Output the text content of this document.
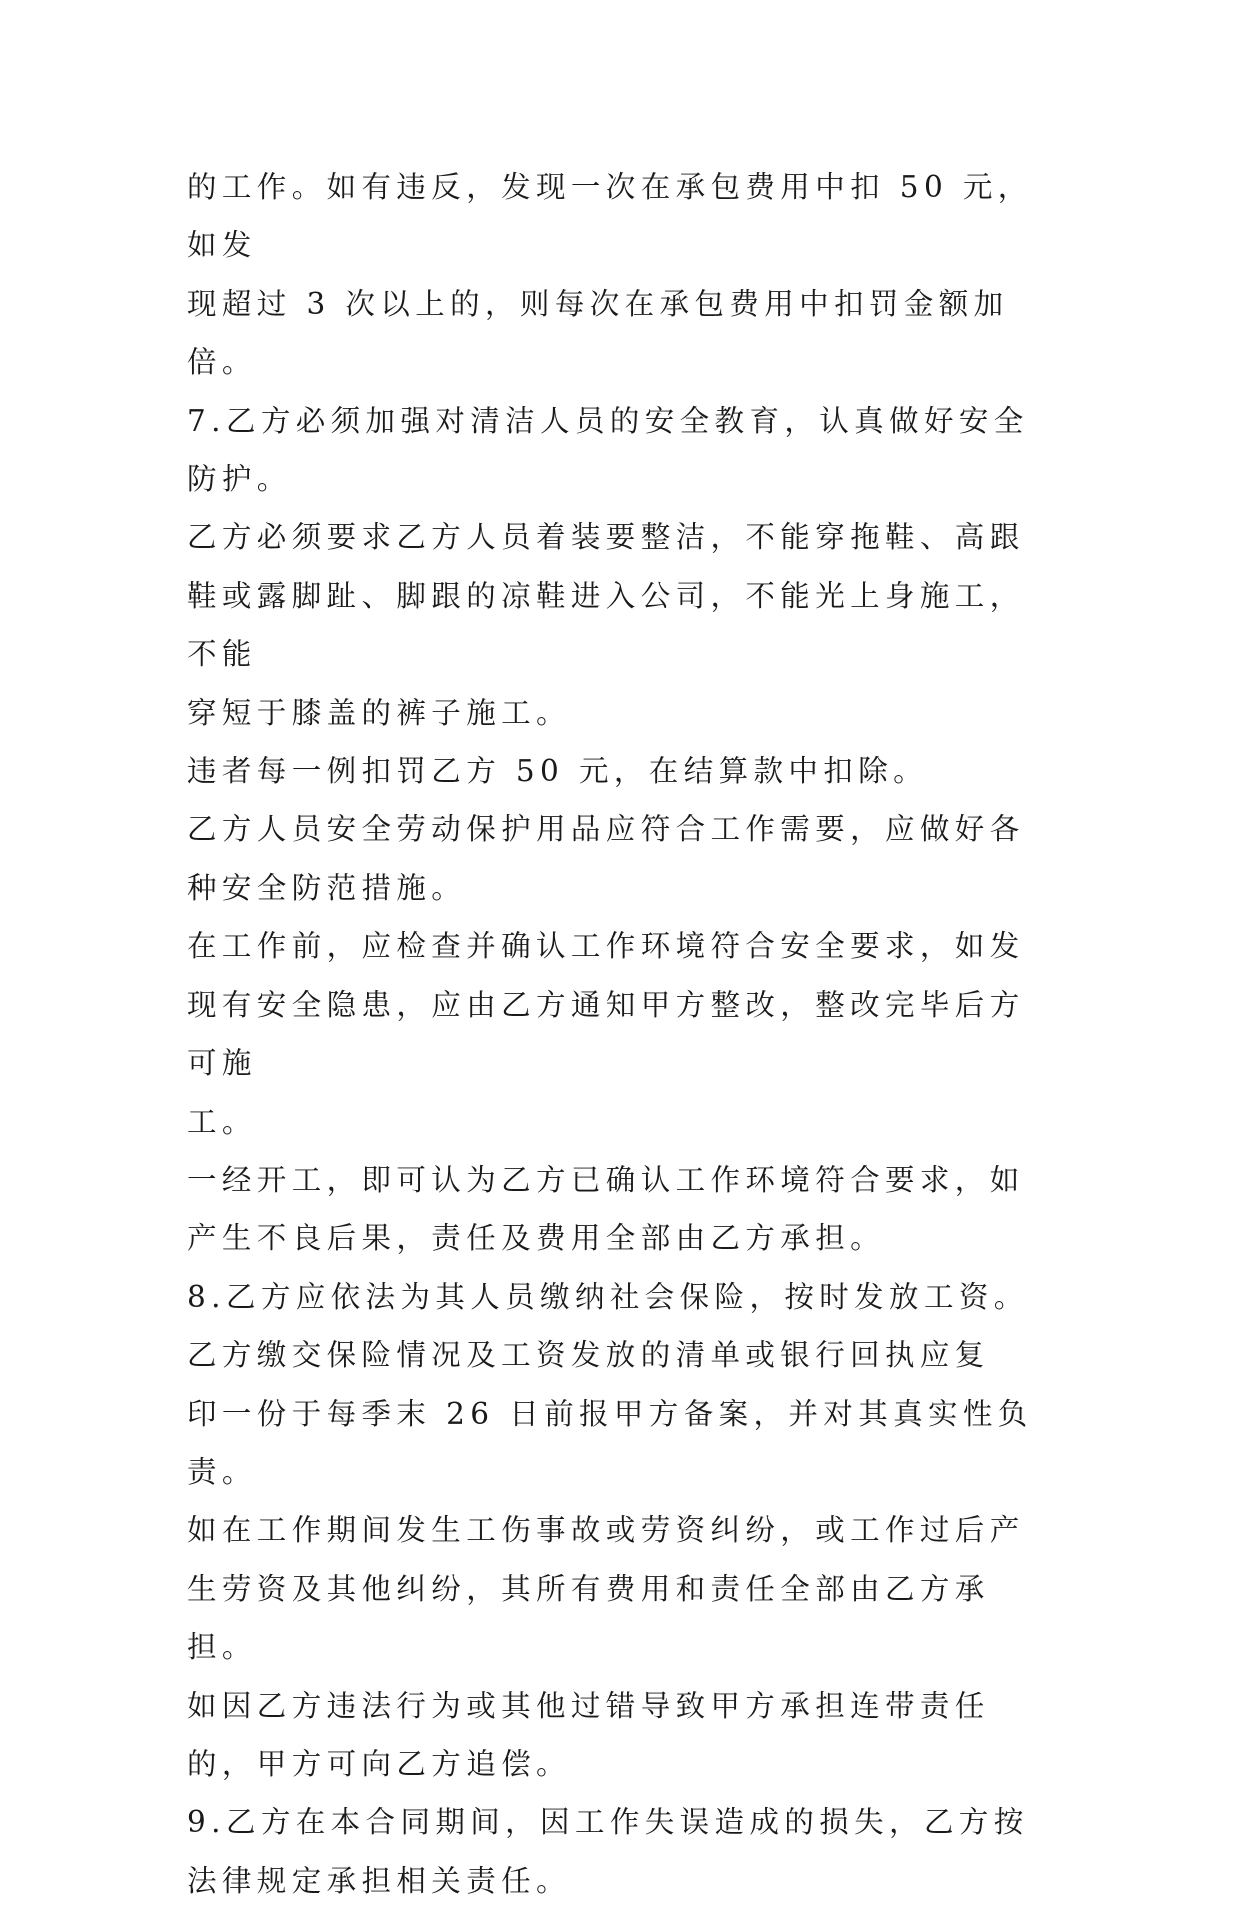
的工作。如有违反，发现一次在承包费用中扣 50 元，如发
现超过 3 次以上的，则每次在承包费用中扣罚金额加倍。

7.乙方必须加强对清洁人员的安全教育，认真做好安全
防护。

乙方必须要求乙方人员着装要整洁，不能穿拖鞋、高跟
鞋或露脚趾、脚跟的凉鞋进入公司，不能光上身施工，不能
穿短于膝盖的裤子施工。

违者每一例扣罚乙方 50 元，在结算款中扣除。

乙方人员安全劳动保护用品应符合工作需要，应做好各
种安全防范措施。

在工作前，应检查并确认工作环境符合安全要求，如发
现有安全隐患，应由乙方通知甲方整改，整改完毕后方可施
工。

一经开工，即可认为乙方已确认工作环境符合要求，如
产生不良后果，责任及费用全部由乙方承担。

8.乙方应依法为其人员缴纳社会保险，按时发放工资。

乙方缴交保险情况及工资发放的清单或银行回执应复
印一份于每季末 26 日前报甲方备案，并对其真实性负责。

如在工作期间发生工伤事故或劳资纠纷，或工作过后产
生劳资及其他纠纷，其所有费用和责任全部由乙方承担。

如因乙方违法行为或其他过错导致甲方承担连带责任
的，甲方可向乙方追偿。

9.乙方在本合同期间，因工作失误造成的损失，乙方按
法律规定承担相关责任。
